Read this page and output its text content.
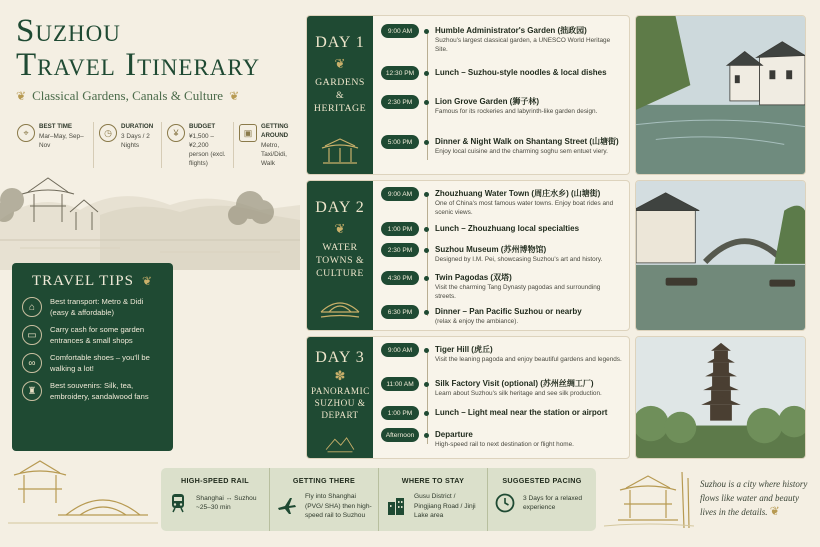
Suzhou
Travel Itinerary
❦ Classical Gardens, Canals & Culture ❦
⌖
BEST TIME
Mar–May, Sep–Nov
◷
DURATION
3 Days / 2 Nights
¥
BUDGET
¥1,500 – ¥2,200 person (excl. flights)
▣
GETTING AROUND
Metro, Taxi/Didi, Walk
TRAVEL TIPS ❦
⌂	Best transport: Metro & Didi (easy & affordable)
▭	Carry cash for some garden entrances & small shops
∞	Comfortable shoes – you'll be walking a lot!
♜	Best souvenirs: Silk, tea, embroidery, sandalwood fans
DAY 1
❦
GARDENS & HERITAGE
9:00 AM	Humble Administrator's Garden (拙政园)
Suzhou's largest classical garden, a UNESCO World Heritage Site.
12:30 PM	Lunch – Suzhou-style noodles & local dishes
2:30 PM	Lion Grove Garden (狮子林)
Famous for its rockeries and labyrinth-like garden design.
5:00 PM	Dinner & Night Walk on Shantang Street (山塘街)
Enjoy local cuisine and the charming soghu sem entuet viery.
DAY 2
❦
WATER TOWNS & CULTURE
9:00 AM	Zhouzhuang Water Town (周庄水乡) (山塘街)
One of China's most famous water towns. Enjoy boat rides and scenic views.
1:00 PM	Lunch – Zhouzhuang local specialties
2:30 PM	Suzhou Museum (苏州博物馆)
Designed by I.M. Pei, showcasing Suzhou's art and history.
4:30 PM	Twin Pagodas (双塔)
Visit the charming Tang Dynasty pagodas and surrounding streets.
6:30 PM	Dinner – Pan Pacific Suzhou or nearby
(relax & enjoy the ambiance).
DAY 3
✽
PANORAMIC SUZHOU & DEPART
9:00 AM	Tiger Hill (虎丘)
Visit the leaning pagoda and enjoy beautiful gardens and legends.
11:00 AM	Silk Factory Visit (optional) (苏州丝绸工厂)
Learn about Suzhou's silk heritage and see silk production.
1:00 PM	Lunch – Light meal near the station or airport
Afternoon	Departure
High-speed rail to next destination or flight home.
HIGH-SPEED RAIL
Shanghai ↔ Suzhou ~25–30 min
GETTING THERE
Fly into Shanghai (PVG/ SHA) then high-speed rail to Suzhou
WHERE TO STAY
Gusu District / Pingjiang Road / Jinji Lake area
SUGGESTED PACING
3 Days for a relaxed experience
Suzhou is a city where history flows like water and beauty lives in the details. ❦
